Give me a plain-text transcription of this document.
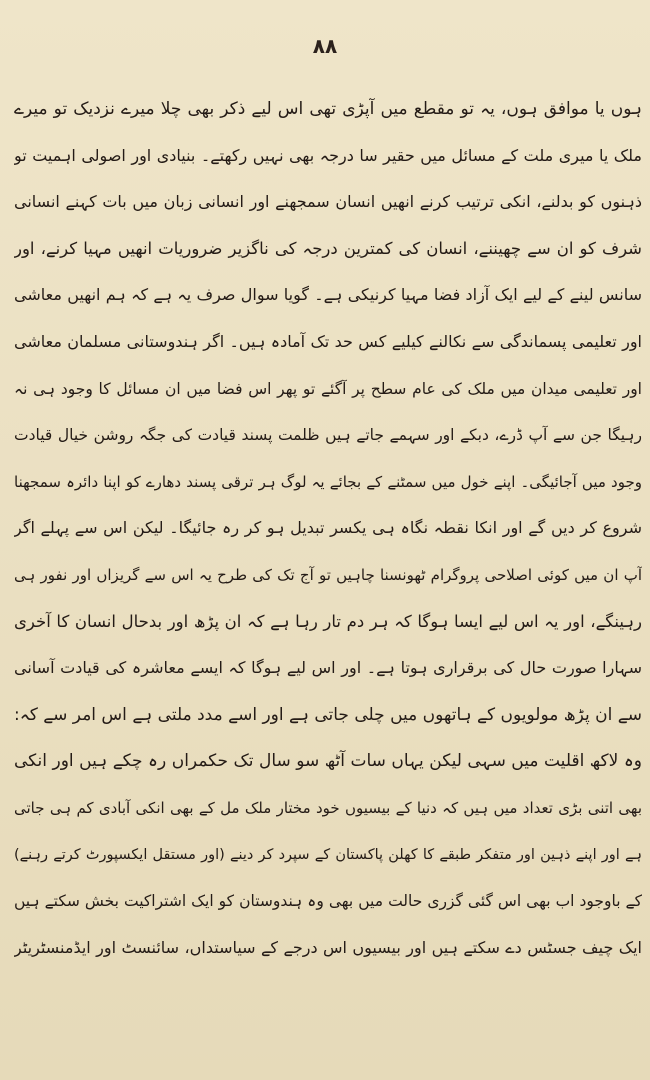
۸۸
ہوں یا موافق ہوں، یہ تو مقطع میں آپڑی تھی اس لیے ذکر بھی چلا میرے نزدیک تو میرے
ملک یا میری ملت کے مسائل میں حقیر سا درجہ بھی نہیں رکھتے۔ بنیادی اور اصولی اہمیت تو
ذہنوں کو بدلنے، انکی ترتیب کرنے انھیں انسان سمجھنے اور انسانی زبان میں بات کہنے انسانی
شرف کو ان سے چھیننے، انسان کی کمترین درجہ کی ناگزیر ضروریات انھیں مہیا کرنے، اور
سانس لینے کے لیے ایک آزاد فضا مہیا کرنیکی ہے۔ گویا سوال صرف یہ ہے کہ ہم انھیں معاشی
اور تعلیمی پسماندگی سے نکالنے کیلیے کس حد تک آمادہ ہیں۔ اگر ہندوستانی مسلمان معاشی
اور تعلیمی میدان میں ملک کی عام سطح پر آگئے تو پھر اس فضا میں ان مسائل کا وجود ہی نہ
رہیگا جن سے آپ ڈرے، دبکے اور سہمے جاتے ہیں ظلمت پسند قیادت کی جگہ روشن خیال قیادت
وجود میں آجائیگی۔ اپنے خول میں سمٹنے کے بجائے یہ لوگ ہر ترقی پسند دھارے کو اپنا دائرہ سمجھنا
شروع کر دیں گے اور انکا نقطہ نگاہ ہی یکسر تبدیل ہو کر رہ جائیگا۔ لیکن اس سے پہلے اگر
آپ ان میں کوئی اصلاحی پروگرام ٹھونسنا چاہیں تو آج تک کی طرح یہ اس سے گریزاں اور نفور ہی
رہینگے، اور یہ اس لیے ایسا ہوگا کہ ہر دم تار رہا ہے کہ ان پڑھ اور بدحال انسان کا آخری
سہارا صورت حال کی برقراری ہوتا ہے۔ اور اس لیے ہوگا کہ ایسے معاشرہ کی قیادت آسانی
سے ان پڑھ مولویوں کے ہاتھوں میں چلی جاتی ہے اور اسے مدد ملتی ہے اس امر سے کہ:
وہ لاکھ اقلیت میں سہی لیکن یہاں سات آٹھ سو سال تک حکمراں رہ چکے ہیں اور انکی
بھی اتنی بڑی تعداد میں ہیں کہ دنیا کے بیسیوں خود مختار ملک مل کے بھی انکی آبادی کم ہی جاتی
ہے اور اپنے ذہین اور متفکر طبقے کا کھلن پاکستان کے سپرد کر دینے (اور مستقل ایکسپورٹ کرتے رہنے)
کے باوجود اب بھی اس گئی گزری حالت میں بھی وہ ہندوستان کو ایک اشتراکیت بخش سکتے ہیں
ایک چیف جسٹس دے سکتے ہیں اور بیسیوں اس درجے کے سیاستداں، سائنسٹ اور ایڈمنسٹریٹر
